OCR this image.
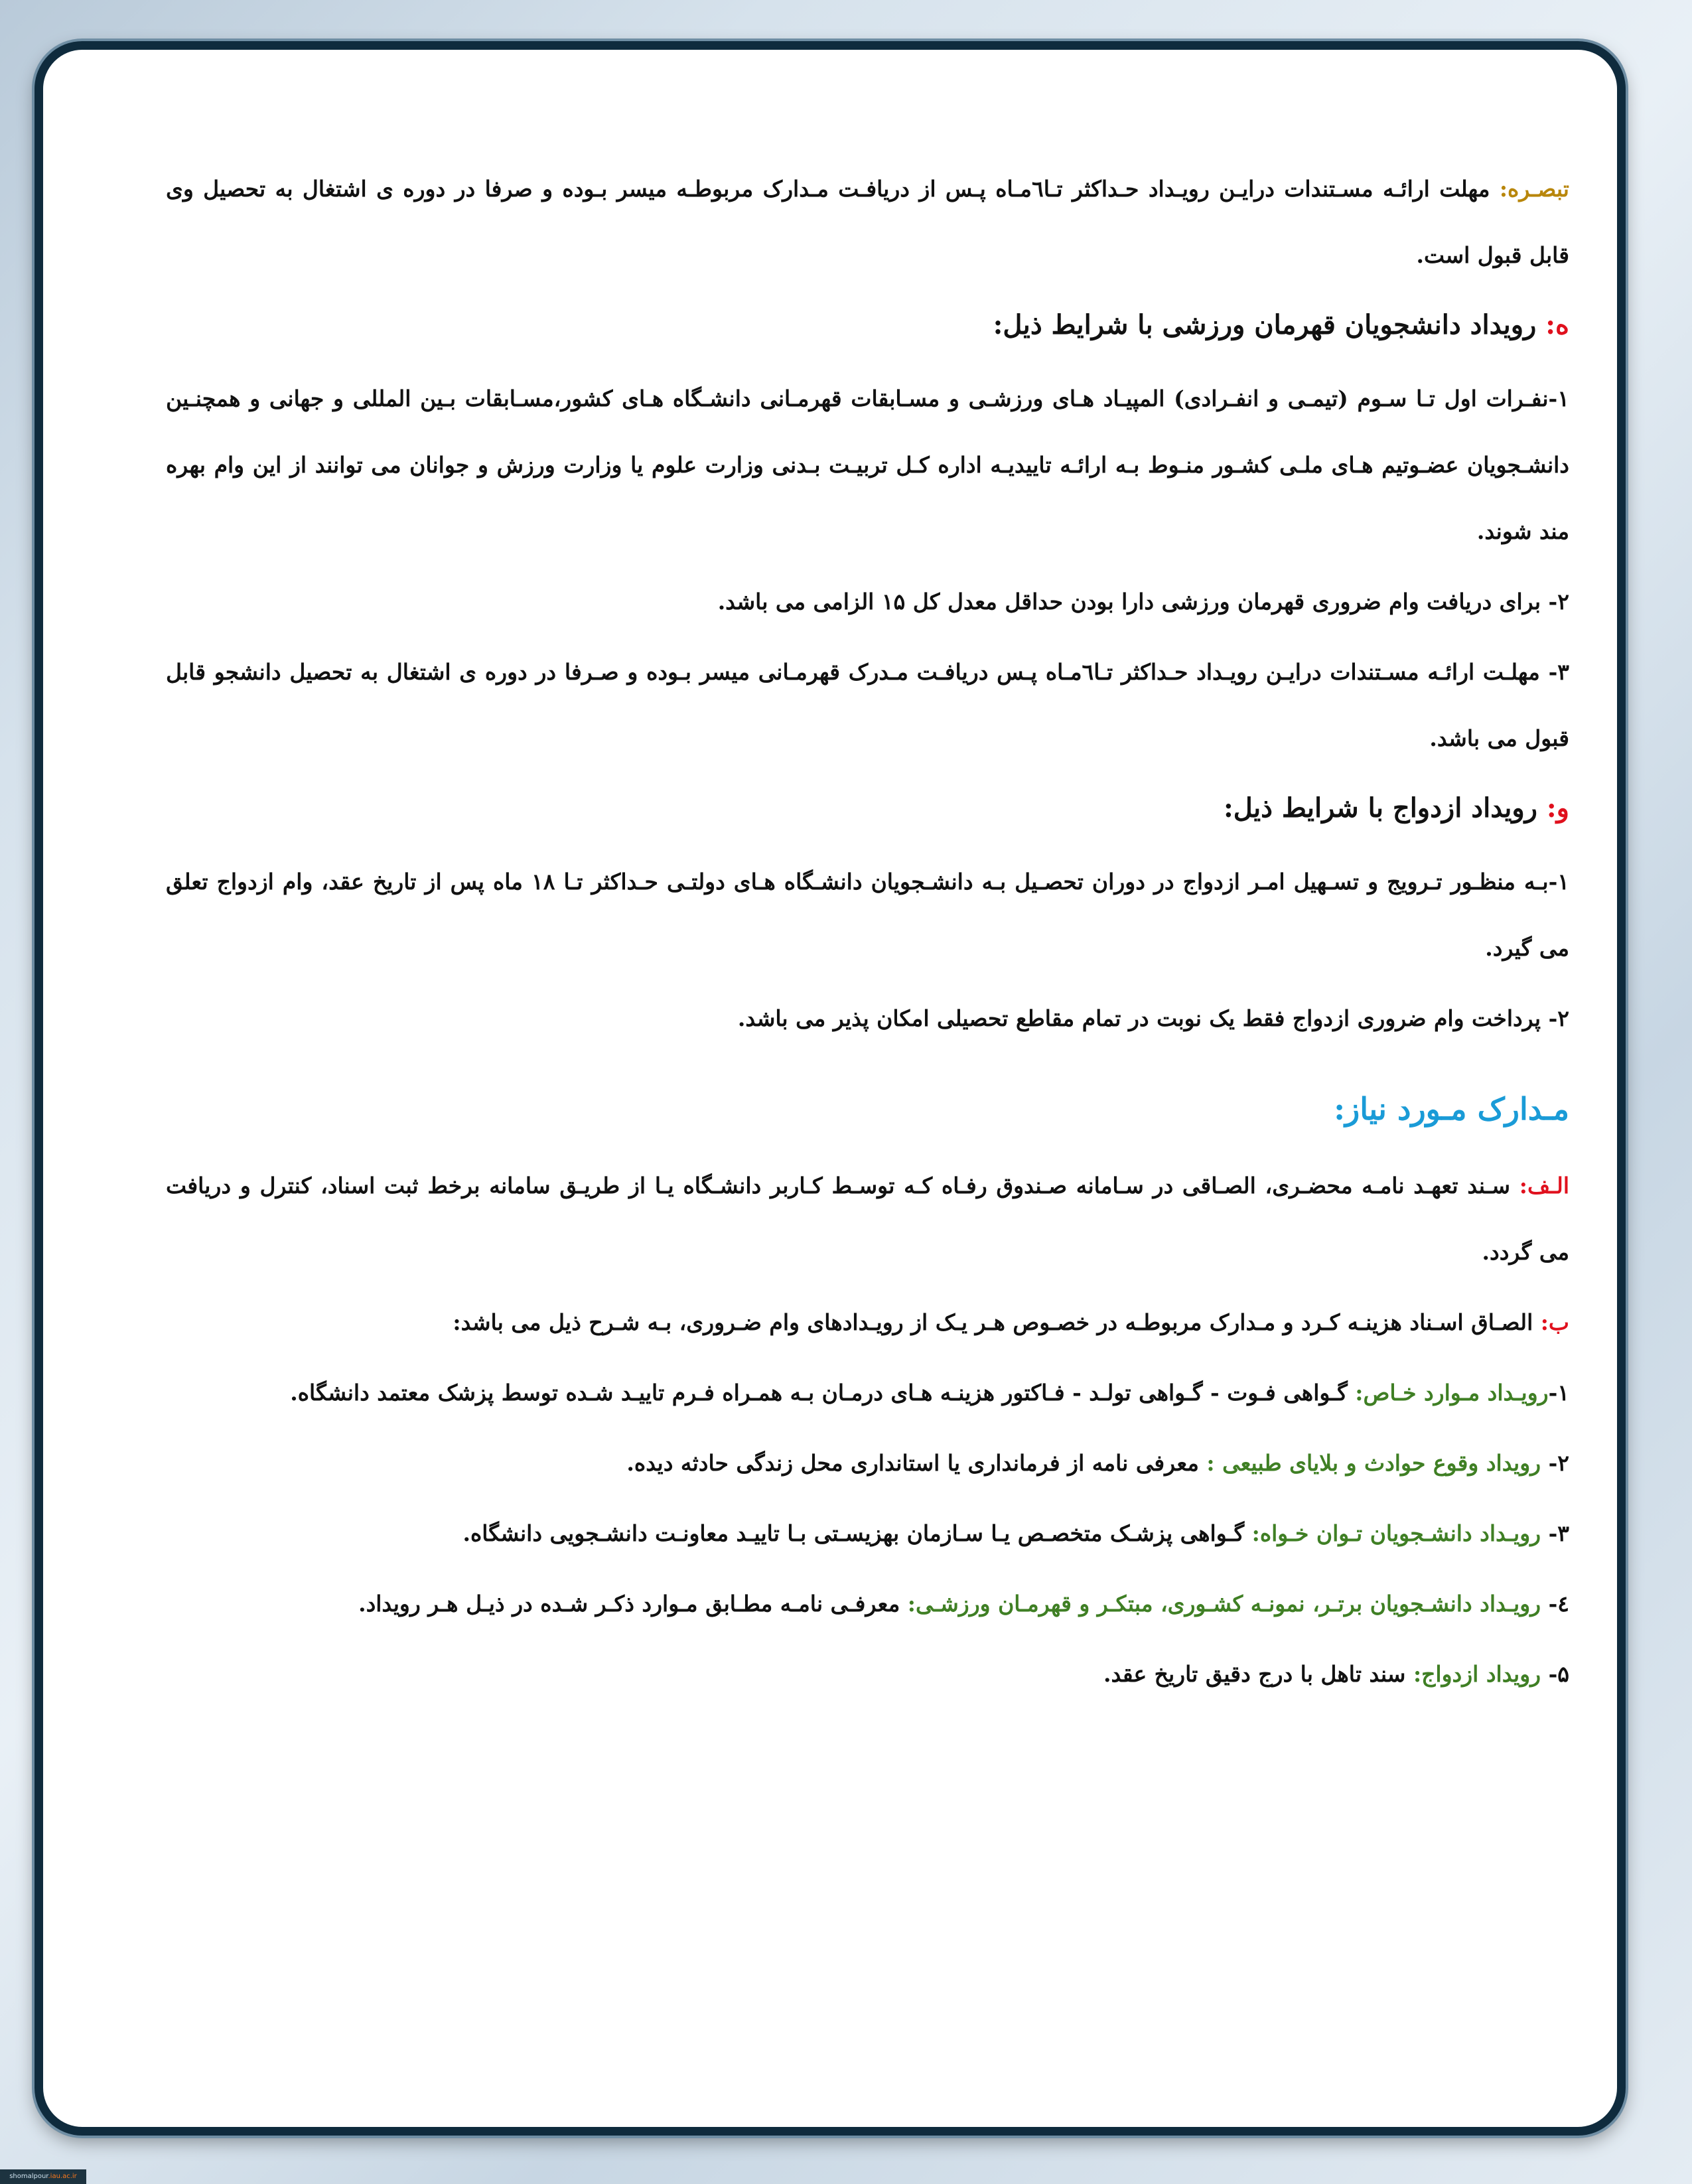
تبصـره: مهلت ارائـه مسـتندات درایـن رویـداد حـداکثر تـا٦مـاه پـس از دریافـت مـدارک مربوطـه میسر بـوده و صرفا در دوره ی اشتغال به تحصیل وی قابل قبول است.

ه: رویداد دانشجویان قهرمان ورزشی با شرایط ذیل:

۱-نفـرات اول تـا سـوم (تیمـی و انفـرادی) المپیـاد هـای ورزشـی و مسـابقات قهرمـانی دانشـگاه هـای کشور،مسـابقات بـین المللی و جهانی و همچنـین دانشـجویان عضـوتیم هـای ملـی کشـور منـوط بـه ارائـه تاییدیـه اداره کـل تربیـت بـدنی وزارت علوم یا وزارت ورزش و جوانان می توانند از این وام بهره مند شوند.

۲- برای دریافت وام ضروری قهرمان ورزشی دارا بودن حداقل معدل کل ۱۵ الزامی می باشد.

۳- مهلـت ارائـه مسـتندات درایـن رویـداد حـداکثر تـا٦مـاه پـس دریافـت مـدرک قهرمـانی میسر بـوده و صـرفا در دوره ی اشتغال به تحصیل دانشجو قابل قبول می باشد.

و: رویداد ازدواج با شرایط ذیل:

۱-بـه منظـور تـرویج و تسـهیل امـر ازدواج در دوران تحصـیل بـه دانشـجویان دانشـگاه هـای دولتـی حـداکثر تـا ۱۸ ماه پس از تاریخ عقد، وام ازدواج تعلق می گیرد.

۲- پرداخت وام ضروری ازدواج فقط یک نوبت در تمام مقاطع تحصیلی امکان پذیر می باشد.

مـدارک مـورد نیاز:

الـف: سـند تعهـد نامـه محضـری، الصـاقی در سـامانه صـندوق رفـاه کـه توسـط کـاربر دانشـگاه یـا از طریـق سامانه برخط ثبت اسناد، کنترل و دریافت می گردد.

ب: الصـاق اسـناد هزینـه کـرد و مـدارک مربوطـه در خصـوص هـر یـک از رویـدادهای وام ضـروری، بـه شـرح ذیل می باشد:

۱-رویـداد مـوارد خـاص: گـواهی فـوت - گـواهی تولـد - فـاکتور هزینـه هـای درمـان بـه همـراه فـرم تاییـد شـده توسط پزشک معتمد دانشگاه.

۲- رویداد وقوع حوادث و بلایای طبیعی : معرفی نامه از فرمانداری یا استانداری محل زندگی حادثه دیده.

۳- رویـداد دانشـجویان تـوان خـواه: گـواهی پزشـک متخصـص یـا سـازمان بهزیسـتی بـا تاییـد معاونـت دانشـجویی دانشگاه.

٤- رویـداد دانشـجویان برتـر، نمونـه کشـوری، مبتکـر و قهرمـان ورزشـی: معرفـی نامـه مطـابق مـوارد ذکـر شـده در ذیـل هـر رویداد.

۵- رویداد ازدواج: سند تاهل با درج دقیق تاریخ عقد.

shomalpour.iau.ac.ir
